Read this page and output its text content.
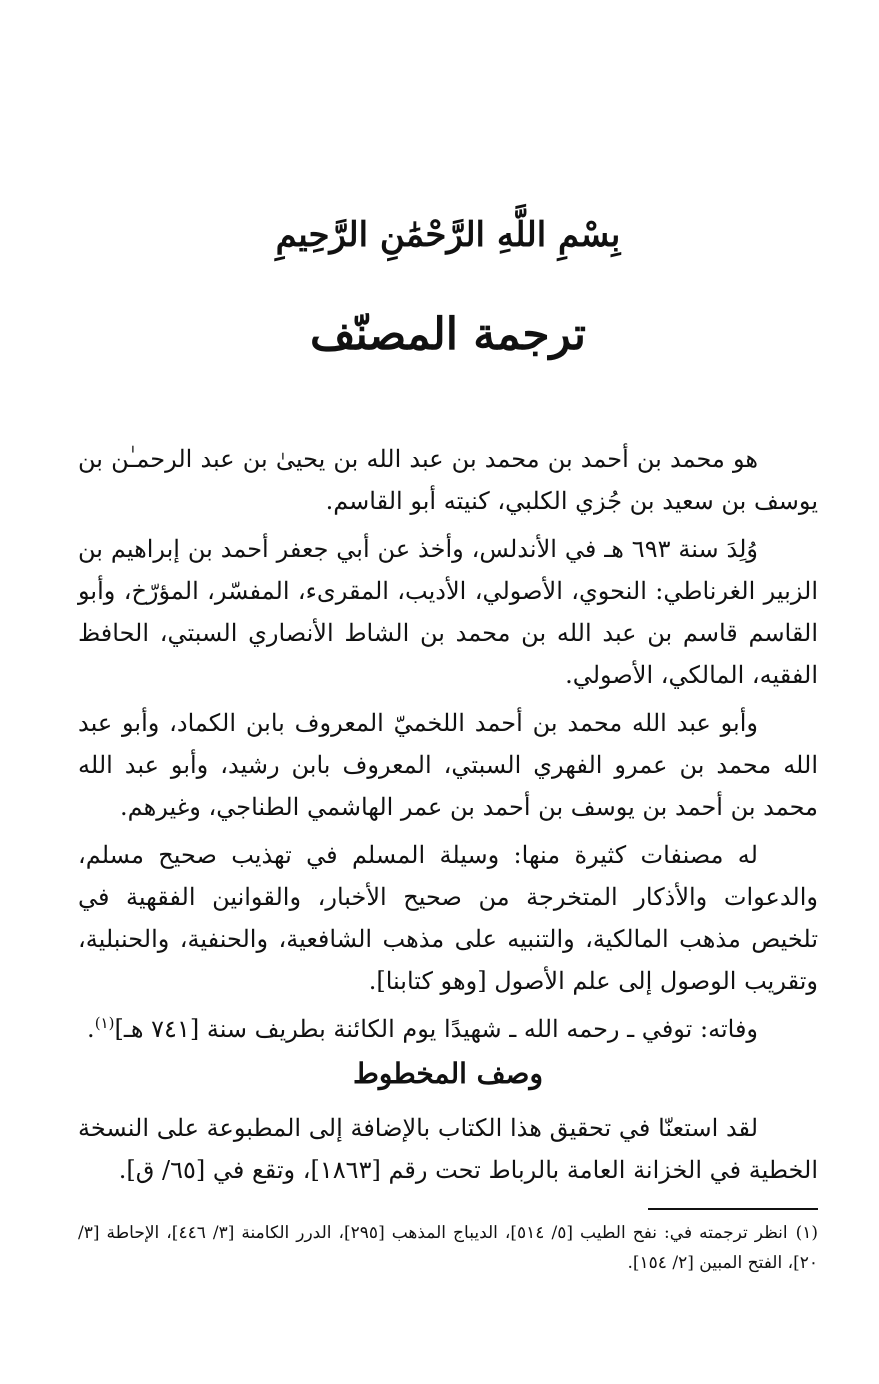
بِسْمِ اللَّهِ الرَّحْمَٰنِ الرَّحِيمِ
ترجمة المصنّف

هو محمد بن أحمد بن محمد بن عبد الله بن يحيىٰ بن عبد الرحمـٰن بن يوسف بن سعيد بن جُزي الكلبي، كنيته أبو القاسم.

وُلِدَ سنة ٦٩٣ هـ في الأندلس، وأخذ عن أبي جعفر أحمد بن إبراهيم بن الزبير الغرناطي: النحوي، الأصولي، الأديب، المقرىء، المفسّر، المؤرّخ، وأبو القاسم قاسم بن عبد الله بن محمد بن الشاط الأنصاري السبتي، الحافظ الفقيه، المالكي، الأصولي.

وأبو عبد الله محمد بن أحمد اللخميّ المعروف بابن الكماد، وأبو عبد الله محمد بن عمرو الفهري السبتي، المعروف بابن رشيد، وأبو عبد الله محمد بن أحمد بن يوسف بن أحمد بن عمر الهاشمي الطناجي، وغيرهم.

له مصنفات كثيرة منها: وسيلة المسلم في تهذيب صحيح مسلم، والدعوات والأذكار المتخرجة من صحيح الأخبار، والقوانين الفقهية في تلخيص مذهب المالكية، والتنبيه على مذهب الشافعية، والحنفية، والحنبلية، وتقريب الوصول إلى علم الأصول [وهو كتابنا].

وفاته: توفي ـ رحمه الله ـ شهيدًا يوم الكائنة بطريف سنة [٧٤١ هـ]$^{(١)}$.

وصف المخطوط

لقد استعنّا في تحقيق هذا الكتاب بالإضافة إلى المطبوعة على النسخة الخطية في الخزانة العامة بالرباط تحت رقم [١٨٦٣]، وتقع في [٦٥/ ق].

(١)انظر ترجمته في: نفح الطيب [٥/ ٥١٤]، الديباج المذهب [٢٩٥]، الدرر الكامنة [٣/ ٤٤٦]، الإحاطة [٣/ ٢٠]، الفتح المبين [٢/ ١٥٤].
